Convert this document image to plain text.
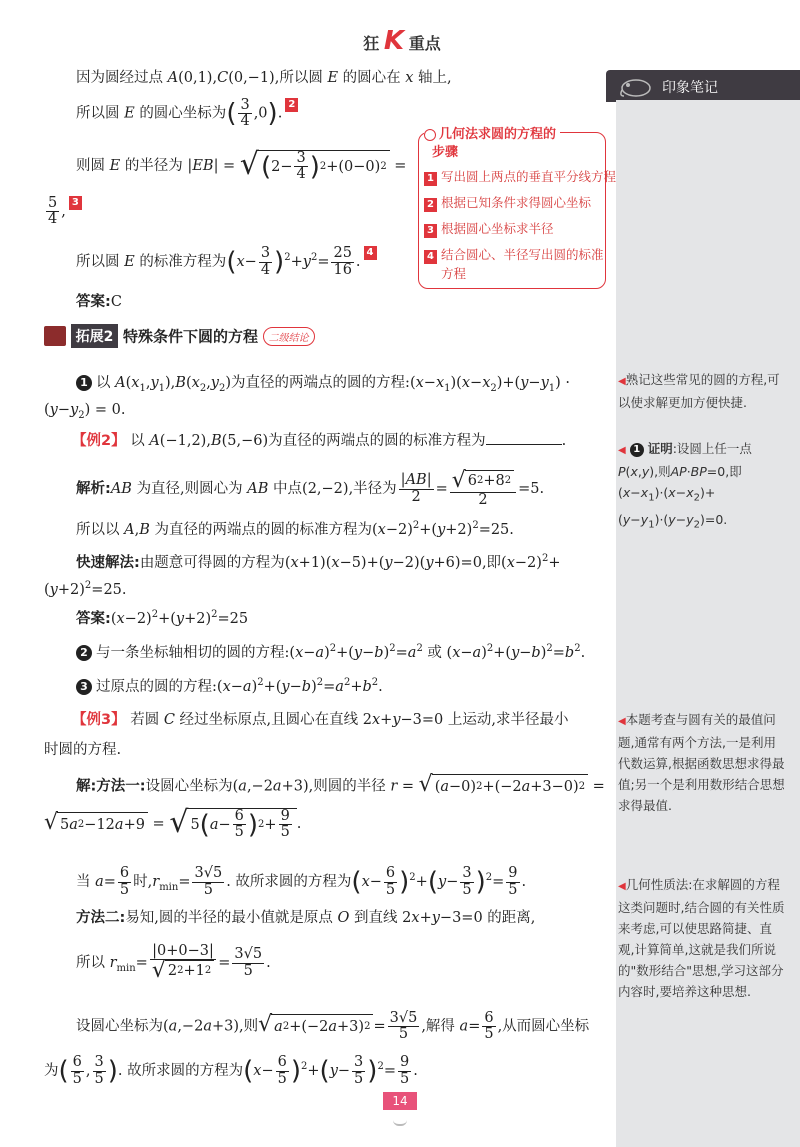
狂 K 重点
印象笔记
◀熟记这些常见的圆的方程,可以使求解更加方便快捷.
◀ 1 证明:设圆上任一点 P(x,y),则AP·BP=0,即$(x-x_1)\cdot(x-x_2)+(y-y_1)\cdot(y-y_2)=0$.
◀本题考查与圆有关的最值问题,通常有两个方法,一是利用代数运算,根据函数思想求得最值;另一个是利用数形结合思想求得最值.
◀几何性质法:在求解圆的方程这类问题时,结合圆的有关性质来考虑,可以使思路简捷、直观,计算简单,这就是我们所说的"数形结合"思想,学习这部分内容时,要培养这种思想.
几何法求圆的方程的
步骤
1 写出圆上两点的垂直平分线方程
2 根据已知条件求得圆心坐标
3 根据圆心坐标求半径
4 结合圆心、半径写出圆的标准
方程
因为圆经过点 A(0,1),C(0,−1),所以圆 E 的圆心在 x 轴上,
所以圆 E 的圆心坐标为( $\frac{3}{4} ,0).2$
则圆 E 的半径为 |EB| = √ ( $2- \frac{3}{4}$ ) 2 +(0−0) 2 =
$\frac{5}{4} ,3$
所以圆 E 的标准方程为$(x- \frac{3}{4} )^2+y^2= \frac{25}{16} .4$
答案:C
拓展2 特殊条件下圆的方程 二级结论
1 以 $A(x_1,y_1),B(x_2,y_2)$为直径的两端点的圆的方程$:(x-x_1)(x-x_2)+(y-y_1)$ ·
$(y-y_2) = 0$.
【例2】 以 A(−1,2),B(5,−6)为直径的两端点的圆的标准方程为	.
解析:AB 为直径,则圆心为 AB 中点(2,−2),半径为 $\frac{|AB|}{2} = \frac{√ 6 2 +8 2}{2} =5$.
所以以 A,B 为直径的两端点的圆的标准方程为$(x-2)^2+(y+2)^2=25$.
快速解法:由题意可得圆的方程为(x+1)(x−5)+(y−2)(y+6)=0,即$(x-2)^2+$
$(y+2)^2=25$.
答案$:(x-2)^2+(y+2)^2=25$
2 与一条坐标轴相切的圆的方程$:(x-a)^2+(y-b)^2=a^2$ 或 $(x-a)^2+(y-b)^2=b^2$.
3 过原点的圆的方程$:(x-a)^2+(y-b)^2=a^2+b^2$.
【例3】 若圆 C 经过坐标原点,且圆心在直线 2x+y−3=0 上运动,求半径最小
时圆的方程.
解:方法一:设圆心坐标为(a,−2a+3),则圆的半径 r = √ ( a −0) 2 +(−2 a +3−0) 2 =
√ 5 a 2 −12 a +9 = √ 5 ( $a - \frac{6}{5}$ ) $2 + \frac{9}{5}$ .
当 $a= \frac{6}{5}$ 时$,r_{min}= \frac{3√5}{5}$ . 故所求圆的方程为$(x- \frac{6}{5} )^2+(y- \frac{3}{5} )^2= \frac{9}{5}$ .
方法二:易知,圆的半径的最小值就是原点 O 到直线 2x+y−3=0 的距离,
所以 $r_{min}= \frac{|0+0-3|}{√ 2 2 +1 2} = \frac{3√5}{5}$ .
设圆心坐标为(a,−2a+3),则 √ a 2 +(−2 a +3) $2 = \frac{3√5}{5}$ ,解得 $a= \frac{6}{5}$ ,从而圆心坐标
为( $\frac{6}{5}$ , $\frac{3}{5}$ ). 故所求圆的方程为$(x- \frac{6}{5} )^2+(y- \frac{3}{5} )^2= \frac{9}{5}$ .
14
